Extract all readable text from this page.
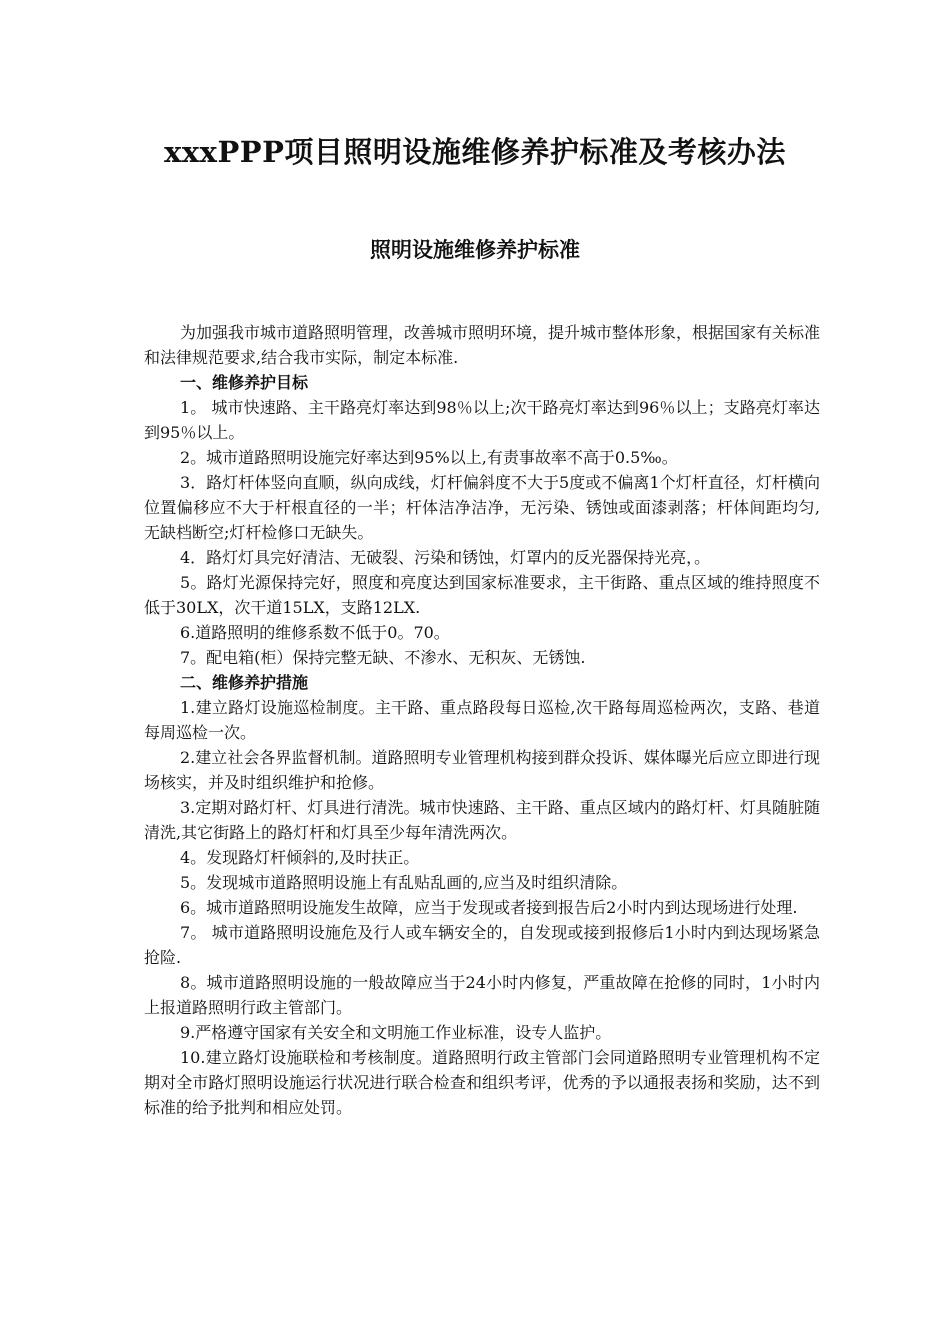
xxxPPP项目照明设施维修养护标准及考核办法
照明设施维修养护标准

为加强我市城市道路照明管理，改善城市照明环境，提升城市整体形象，根据国家有关标准和法律规范要求,结合我市实际，制定本标准.

一、维修养护目标

1。 城市快速路、主干路亮灯率达到98％以上;次干路亮灯率达到96％以上；支路亮灯率达到95％以上。

2。城市道路照明设施完好率达到95%以上,有责事故率不高于0.5‰。

3．路灯杆体竖向直顺，纵向成线，灯杆偏斜度不大于5度或不偏离1个灯杆直径，灯杆横向位置偏移应不大于杆根直径的一半；杆体洁净洁净，无污染、锈蚀或面漆剥落；杆体间距均匀,无缺档断空;灯杆检修口无缺失。

4．路灯灯具完好清洁、无破裂、污染和锈蚀，灯罩内的反光器保持光亮，。

5。路灯光源保持完好，照度和亮度达到国家标准要求，主干街路、重点区域的维持照度不低于30LX，次干道15LX，支路12LX.

6.道路照明的维修系数不低于0。70。

7。配电箱(柜）保持完整无缺、不渗水、无积灰、无锈蚀.

二、维修养护措施

1.建立路灯设施巡检制度。主干路、重点路段每日巡检,次干路每周巡检两次，支路、巷道每周巡检一次。

2.建立社会各界监督机制。道路照明专业管理机构接到群众投诉、媒体曝光后应立即进行现场核实，并及时组织维护和抢修。

3.定期对路灯杆、灯具进行清洗。城市快速路、主干路、重点区域内的路灯杆、灯具随脏随清洗,其它街路上的路灯杆和灯具至少每年清洗两次。

4。发现路灯杆倾斜的,及时扶正。

5。发现城市道路照明设施上有乱贴乱画的,应当及时组织清除。

6。城市道路照明设施发生故障，应当于发现或者接到报告后2小时内到达现场进行处理.

7。 城市道路照明设施危及行人或车辆安全的，自发现或接到报修后1小时内到达现场紧急抢险.

8。城市道路照明设施的一般故障应当于24小时内修复，严重故障在抢修的同时，1小时内上报道路照明行政主管部门。

9.严格遵守国家有关安全和文明施工作业标准，设专人监护。

10.建立路灯设施联检和考核制度。道路照明行政主管部门会同道路照明专业管理机构不定期对全市路灯照明设施运行状况进行联合检查和组织考评，优秀的予以通报表扬和奖励，达不到标准的给予批判和相应处罚。
